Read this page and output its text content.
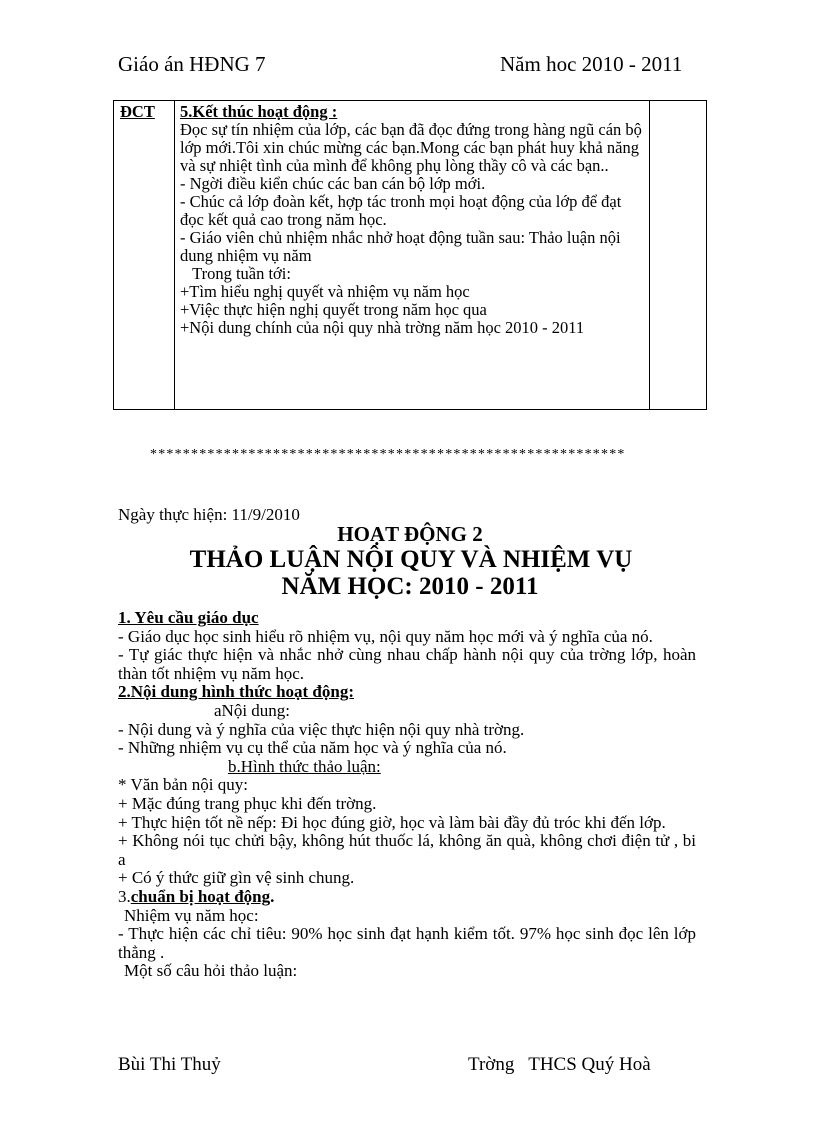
Giáo án HĐNG 7	Năm hoc 2010 - 2011
ĐCT	5.Kết thúc hoạt động :

Đọc sự tín nhiệm của lớp, các bạn đã đọc đứng trong hàng ngũ cán bộ lớp mới.Tôi xin chúc mừng các bạn.Mong các bạn phát huy khả năng và sự nhiệt tình của mình để không phụ lòng thầy cô và các bạn..

- Ngời điều kiển chúc các ban cán bộ lớp mới.

- Chúc cả lớp đoàn kết, hợp tác tronh mọi hoạt động của lớp để đạt đọc kết quả cao trong năm học.

- Giáo viên chủ nhiệm nhắc nhở hoạt động tuần sau: Thảo luận nội dung nhiệm vụ năm

Trong tuần tới:

+Tìm hiểu nghị quyết và nhiệm vụ năm học

+Việc thực hiện nghị quyết trong năm học qua

+Nội dung chính của nội quy nhà trờng năm học 2010 - 2011

**********************************************************
Ngày thực hiện: 11/9/2010
HOẠT ĐỘNG 2
THẢO LUẬN NỘI QUY VÀ NHIỆM VỤ
NĂM HỌC: 2010 - 2011

1. Yêu cầu giáo dục

- Giáo dục học sinh hiểu rõ nhiệm vụ, nội quy năm học mới và ý nghĩa của nó.

- Tự giác thực hiện và nhắc nhở cùng nhau chấp hành nội quy của trờng lớp, hoàn thàn tốt nhiệm vụ năm học.

2.Nội dung hình thức hoạt động:

aNội dung:

- Nội dung và ý nghĩa của việc thực hiện nội quy nhà trờng.

- Những nhiệm vụ cụ thể của năm học và ý nghĩa của nó.

b.Hình thức thảo luận:

* Văn bản nội quy:

+ Mặc đúng trang phục khi đến trờng.

+ Thực hiện tốt nề nếp: Đi học đúng giờ, học và làm bài đầy đủ tróc khi đến lớp.

+ Không nói tục chửi bậy, không hút thuốc lá, không ăn quà, không chơi điện tử , bi a

+ Có ý thức giữ gìn vệ sinh chung.

3.chuẩn bị hoạt động.

Nhiệm vụ năm học:

- Thực hiện các chỉ tiêu: 90% học sinh đạt hạnh kiểm tốt. 97% học sinh đọc lên lớp thẳng .

Một số câu hỏi thảo luận:

Bùi Thi Thuỷ	Trờng   THCS Quý Hoà
